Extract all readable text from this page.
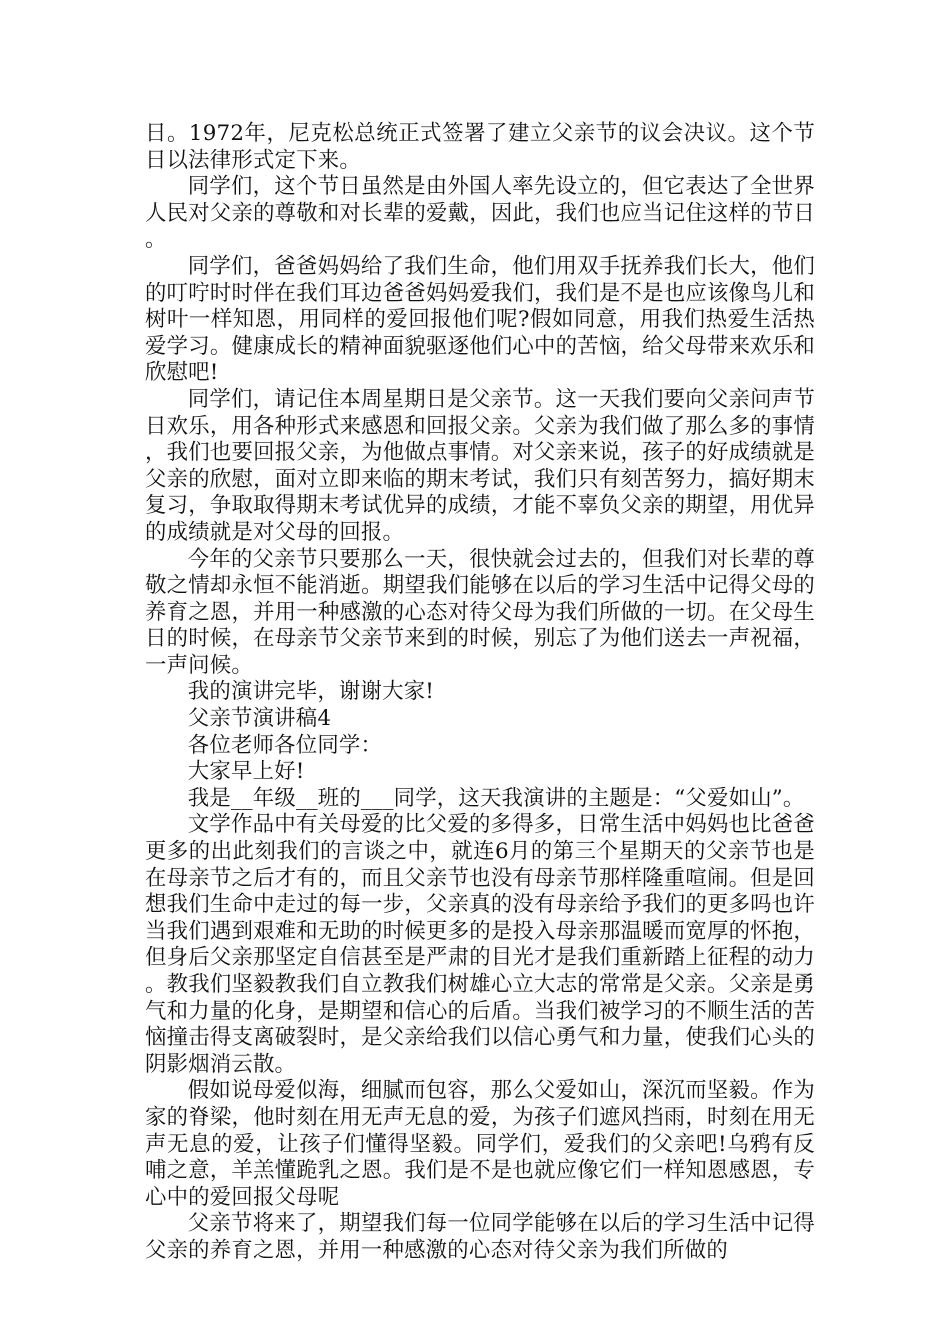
日。1972年，尼克松总统正式签署了建立父亲节的议会决议。这个节日以法律形式定下来。

同学们，这个节日虽然是由外国人率先设立的，但它表达了全世界人民对父亲的尊敬和对长辈的爱戴，因此，我们也应当记住这样的节日。

同学们，爸爸妈妈给了我们生命，他们用双手抚养我们长大，他们的叮咛时时伴在我们耳边爸爸妈妈爱我们，我们是不是也应该像鸟儿和树叶一样知恩，用同样的爱回报他们呢?假如同意，用我们热爱生活热爱学习。健康成长的精神面貌驱逐他们心中的苦恼，给父母带来欢乐和欣慰吧!

同学们，请记住本周星期日是父亲节。这一天我们要向父亲问声节日欢乐，用各种形式来感恩和回报父亲。父亲为我们做了那么多的事情，我们也要回报父亲，为他做点事情。对父亲来说，孩子的好成绩就是父亲的欣慰，面对立即来临的期末考试，我们只有刻苦努力，搞好期末复习，争取取得期末考试优异的成绩，才能不辜负父亲的期望，用优异的成绩就是对父母的回报。

今年的父亲节只要那么一天，很快就会过去的，但我们对长辈的尊敬之情却永恒不能消逝。期望我们能够在以后的学习生活中记得父母的养育之恩，并用一种感激的心态对待父母为我们所做的一切。在父母生日的时候，在母亲节父亲节来到的时候，别忘了为他们送去一声祝福，一声问候。

我的演讲完毕，谢谢大家!

父亲节演讲稿4

各位老师各位同学：

大家早上好!

我是__年级__班的___同学，这天我演讲的主题是：“父爱如山”。

文学作品中有关母爱的比父爱的多得多，日常生活中妈妈也比爸爸更多的出此刻我们的言谈之中，就连6月的第三个星期天的父亲节也是在母亲节之后才有的，而且父亲节也没有母亲节那样隆重喧闹。但是回想我们生命中走过的每一步，父亲真的没有母亲给予我们的更多吗也许当我们遇到艰难和无助的时候更多的是投入母亲那温暖而宽厚的怀抱，但身后父亲那坚定自信甚至是严肃的目光才是我们重新踏上征程的动力。教我们坚毅教我们自立教我们树雄心立大志的常常是父亲。父亲是勇气和力量的化身，是期望和信心的后盾。当我们被学习的不顺生活的苦恼撞击得支离破裂时，是父亲给我们以信心勇气和力量，使我们心头的阴影烟消云散。

假如说母爱似海，细腻而包容，那么父爱如山，深沉而坚毅。作为家的脊梁，他时刻在用无声无息的爱，为孩子们遮风挡雨，时刻在用无声无息的爱，让孩子们懂得坚毅。同学们，爱我们的父亲吧!乌鸦有反哺之意，羊羔懂跪乳之恩。我们是不是也就应像它们一样知恩感恩，专心中的爱回报父母呢

父亲节将来了，期望我们每一位同学能够在以后的学习生活中记得父亲的养育之恩，并用一种感激的心态对待父亲为我们所做的
